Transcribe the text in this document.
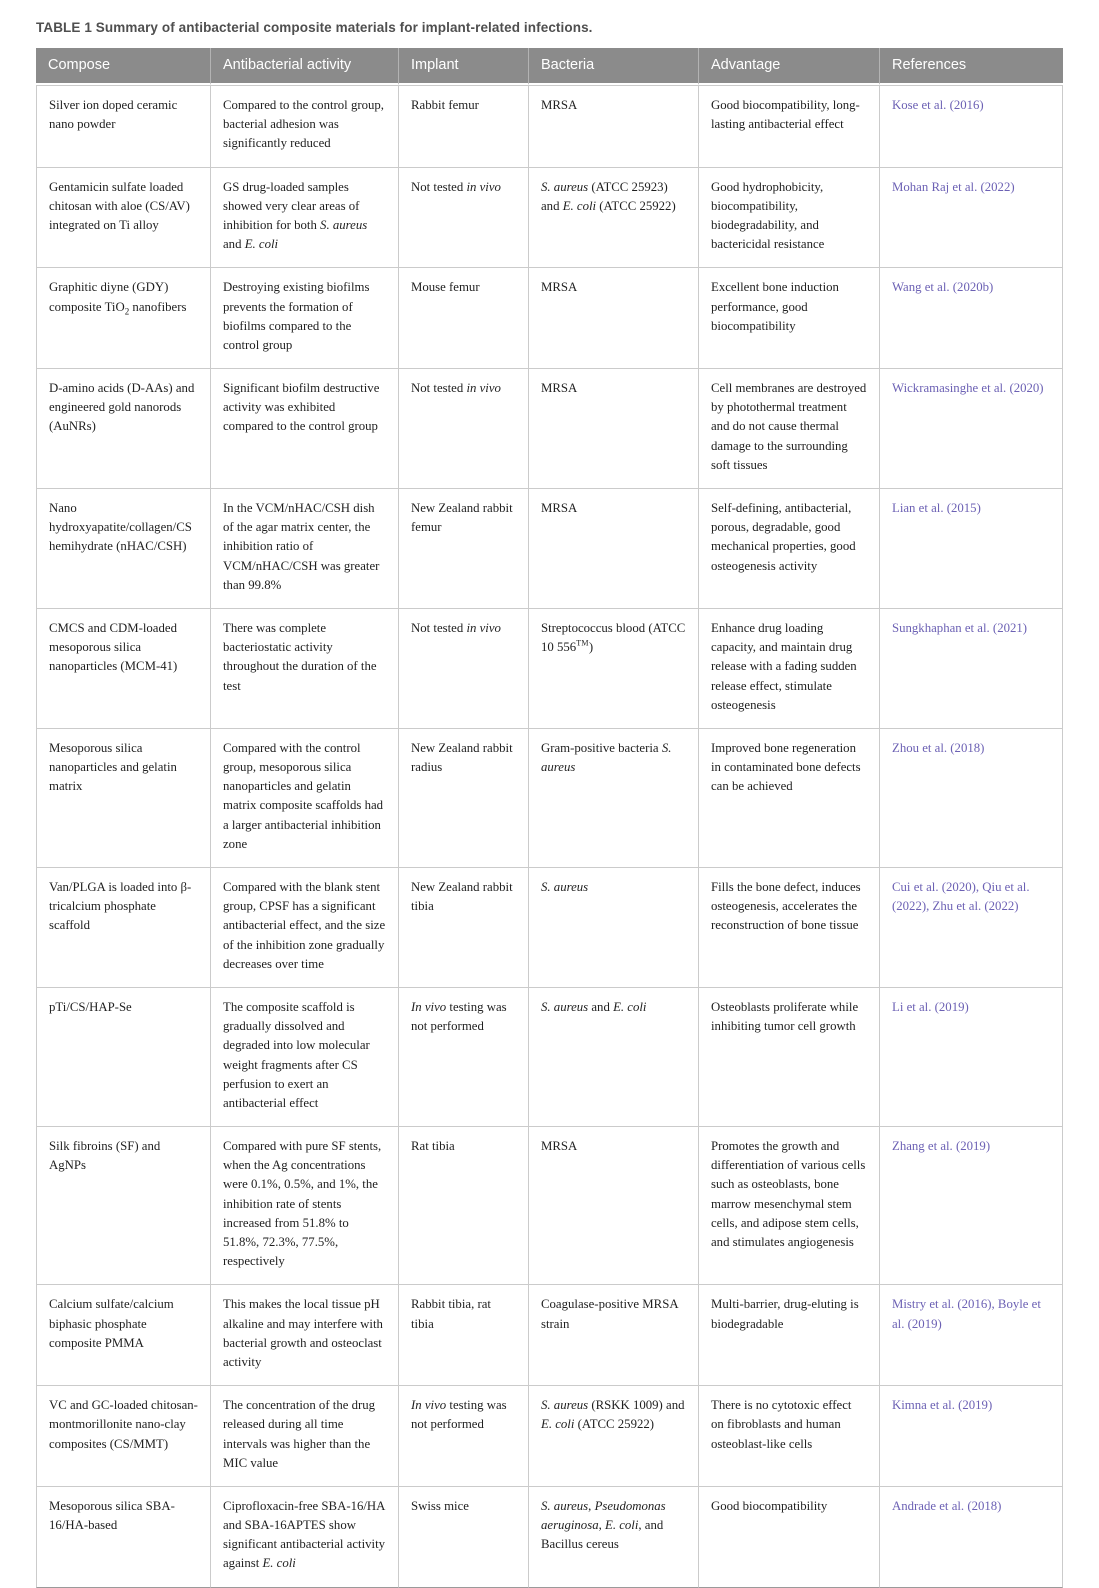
TABLE 1 Summary of antibacterial composite materials for implant-related infections.
Compose	Antibacterial activity	Implant	Bacteria	Advantage	References
Silver ion doped ceramic nano powder	Compared to the control group, bacterial adhesion was significantly reduced	Rabbit femur	MRSA	Good biocompatibility, long-lasting antibacterial effect	Kose et al. (2016)
Gentamicin sulfate loaded chitosan with aloe (CS/AV) integrated on Ti alloy	GS drug-loaded samples showed very clear areas of inhibition for both S. aureus and E. coli	Not tested in vivo	S. aureus (ATCC 25923) and E. coli (ATCC 25922)	Good hydrophobicity, biocompatibility, biodegradability, and bactericidal resistance	Mohan Raj et al. (2022)
Graphitic diyne (GDY) composite TiO$_2$ nanofibers	Destroying existing biofilms prevents the formation of biofilms compared to the control group	Mouse femur	MRSA	Excellent bone induction performance, good biocompatibility	Wang et al. (2020b)
D-amino acids (D-AAs) and engineered gold nanorods (AuNRs)	Significant biofilm destructive activity was exhibited compared to the control group	Not tested in vivo	MRSA	Cell membranes are destroyed by photothermal treatment and do not cause thermal damage to the surrounding soft tissues	Wickramasinghe et al. (2020)
Nano hydroxyapatite/collagen/CS hemihydrate (nHAC/CSH)	In the VCM/nHAC/CSH dish of the agar matrix center, the inhibition ratio of VCM/nHAC/CSH was greater than 99.8%	New Zealand rabbit femur	MRSA	Self-defining, antibacterial, porous, degradable, good mechanical properties, good osteogenesis activity	Lian et al. (2015)
CMCS and CDM-loaded mesoporous silica nanoparticles (MCM-41)	There was complete bacteriostatic activity throughout the duration of the test	Not tested in vivo	Streptococcus blood (ATCC 10 556™)	Enhance drug loading capacity, and maintain drug release with a fading sudden release effect, stimulate osteogenesis	Sungkhaphan et al. (2021)
Mesoporous silica nanoparticles and gelatin matrix	Compared with the control group, mesoporous silica nanoparticles and gelatin matrix composite scaffolds had a larger antibacterial inhibition zone	New Zealand rabbit radius	Gram-positive bacteria S. aureus	Improved bone regeneration in contaminated bone defects can be achieved	Zhou et al. (2018)
Van/PLGA is loaded into β-tricalcium phosphate scaffold	Compared with the blank stent group, CPSF has a significant antibacterial effect, and the size of the inhibition zone gradually decreases over time	New Zealand rabbit tibia	S. aureus	Fills the bone defect, induces osteogenesis, accelerates the reconstruction of bone tissue	Cui et al. (2020), Qiu et al. (2022), Zhu et al. (2022)
pTi/CS/HAP-Se	The composite scaffold is gradually dissolved and degraded into low molecular weight fragments after CS perfusion to exert an antibacterial effect	In vivo testing was not performed	S. aureus and E. coli	Osteoblasts proliferate while inhibiting tumor cell growth	Li et al. (2019)
Silk fibroins (SF) and AgNPs	Compared with pure SF stents, when the Ag concentrations were 0.1%, 0.5%, and 1%, the inhibition rate of stents increased from 51.8% to 51.8%, 72.3%, 77.5%, respectively	Rat tibia	MRSA	Promotes the growth and differentiation of various cells such as osteoblasts, bone marrow mesenchymal stem cells, and adipose stem cells, and stimulates angiogenesis	Zhang et al. (2019)
Calcium sulfate/calcium biphasic phosphate composite PMMA	This makes the local tissue pH alkaline and may interfere with bacterial growth and osteoclast activity	Rabbit tibia, rat tibia	Coagulase-positive MRSA strain	Multi-barrier, drug-eluting is biodegradable	Mistry et al. (2016), Boyle et al. (2019)
VC and GC-loaded chitosan-montmorillonite nano-clay composites (CS/MMT)	The concentration of the drug released during all time intervals was higher than the MIC value	In vivo testing was not performed	S. aureus (RSKK 1009) and E. coli (ATCC 25922)	There is no cytotoxic effect on fibroblasts and human osteoblast-like cells	Kimna et al. (2019)
Mesoporous silica SBA-16/HA-based	Ciprofloxacin-free SBA-16/HA and SBA-16APTES show significant antibacterial activity against E. coli	Swiss mice	S. aureus, Pseudomonas aeruginosa, E. coli, and Bacillus cereus	Good biocompatibility	Andrade et al. (2018)
